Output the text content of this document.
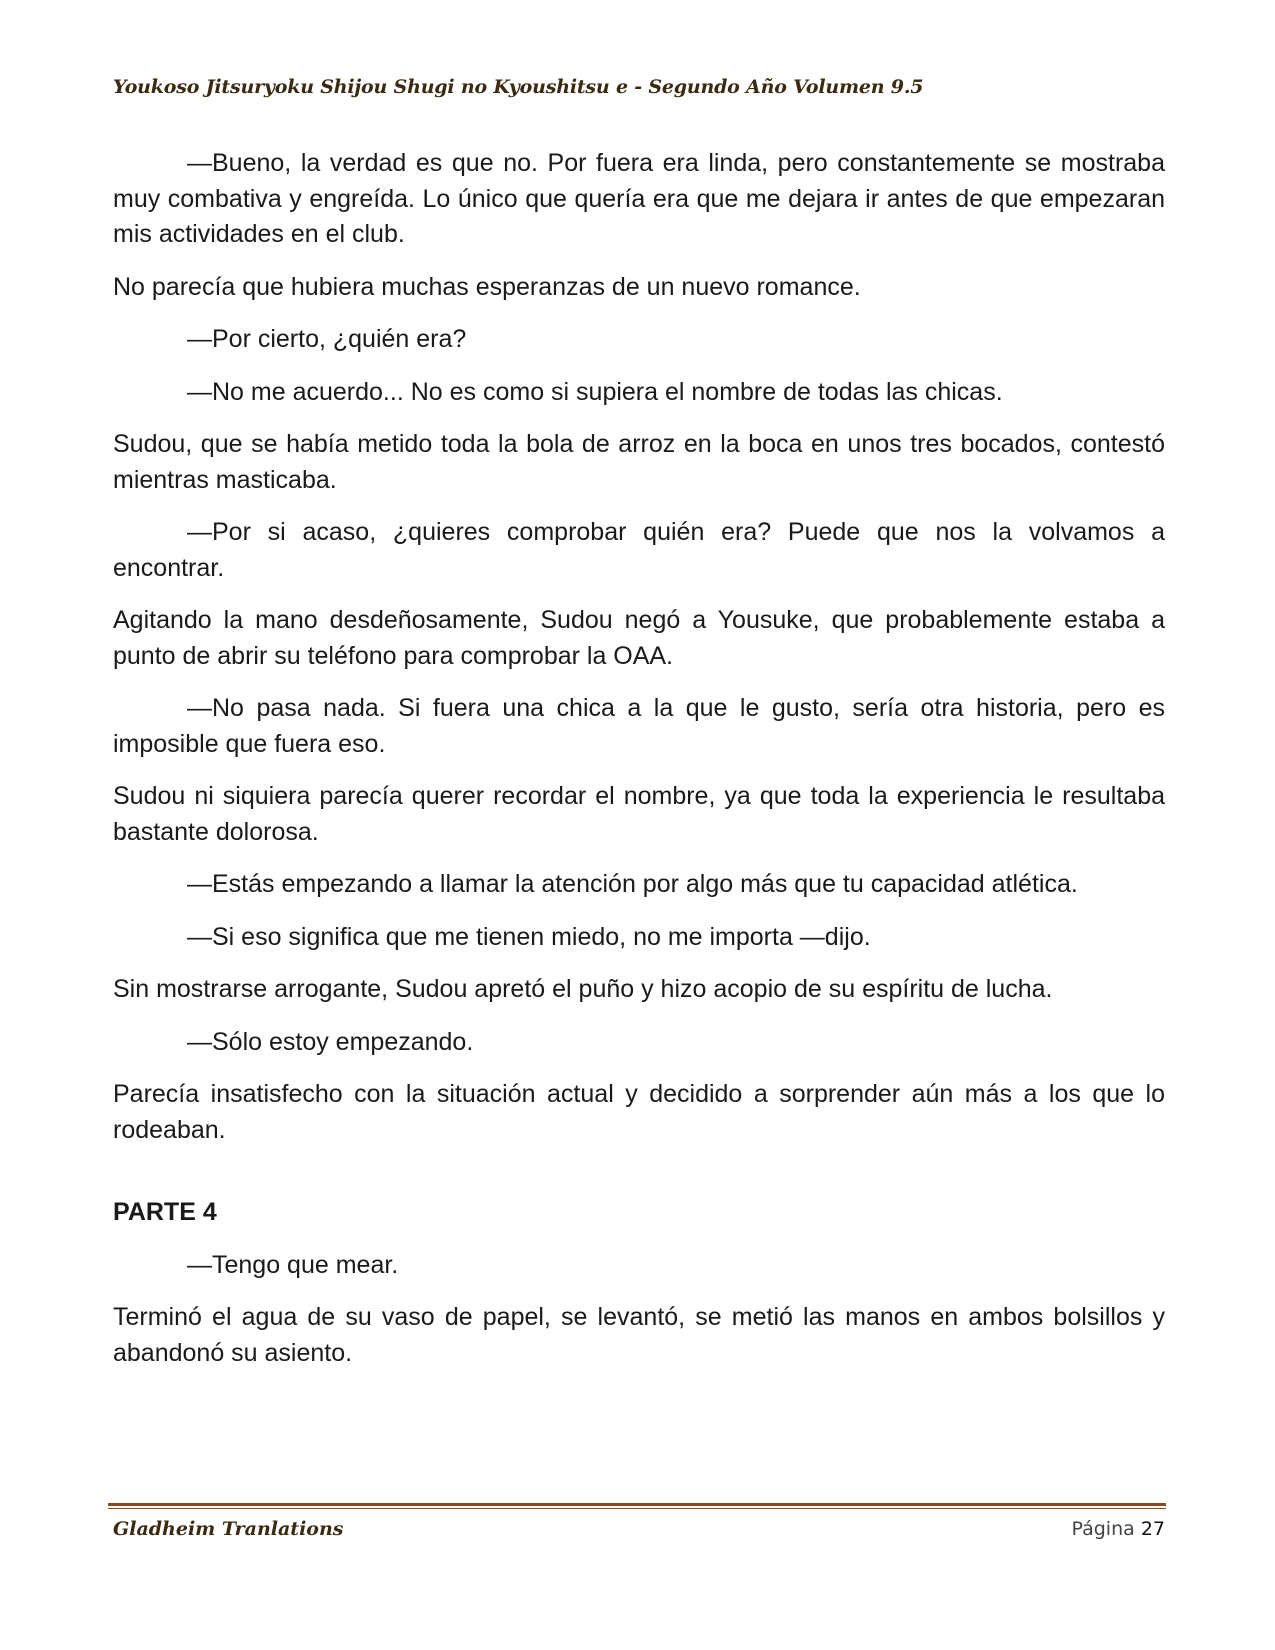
Youkoso Jitsuryoku Shijou Shugi no Kyoushitsu e - Segundo Año Volumen 9.5

—Bueno, la verdad es que no. Por fuera era linda, pero constantemente se mostraba muy combativa y engreída. Lo único que quería era que me dejara ir antes de que empezaran mis actividades en el club.

No parecía que hubiera muchas esperanzas de un nuevo romance.

—Por cierto, ¿quién era?

—No me acuerdo... No es como si supiera el nombre de todas las chicas.

Sudou, que se había metido toda la bola de arroz en la boca en unos tres bocados, contestó mientras masticaba.

—Por si acaso, ¿quieres comprobar quién era? Puede que nos la volvamos a encontrar.

Agitando la mano desdeñosamente, Sudou negó a Yousuke, que probablemente estaba a punto de abrir su teléfono para comprobar la OAA.

—No pasa nada. Si fuera una chica a la que le gusto, sería otra historia, pero es imposible que fuera eso.

Sudou ni siquiera parecía querer recordar el nombre, ya que toda la experiencia le resultaba bastante dolorosa.

—Estás empezando a llamar la atención por algo más que tu capacidad atlética.

—Si eso significa que me tienen miedo, no me importa —dijo.

Sin mostrarse arrogante, Sudou apretó el puño y hizo acopio de su espíritu de lucha.

—Sólo estoy empezando.

Parecía insatisfecho con la situación actual y decidido a sorprender aún más a los que lo rodeaban.

PARTE 4

—Tengo que mear.

Terminó el agua de su vaso de papel, se levantó, se metió las manos en ambos bolsillos y abandonó su asiento.

Gladheim Tranlations	Página 27
